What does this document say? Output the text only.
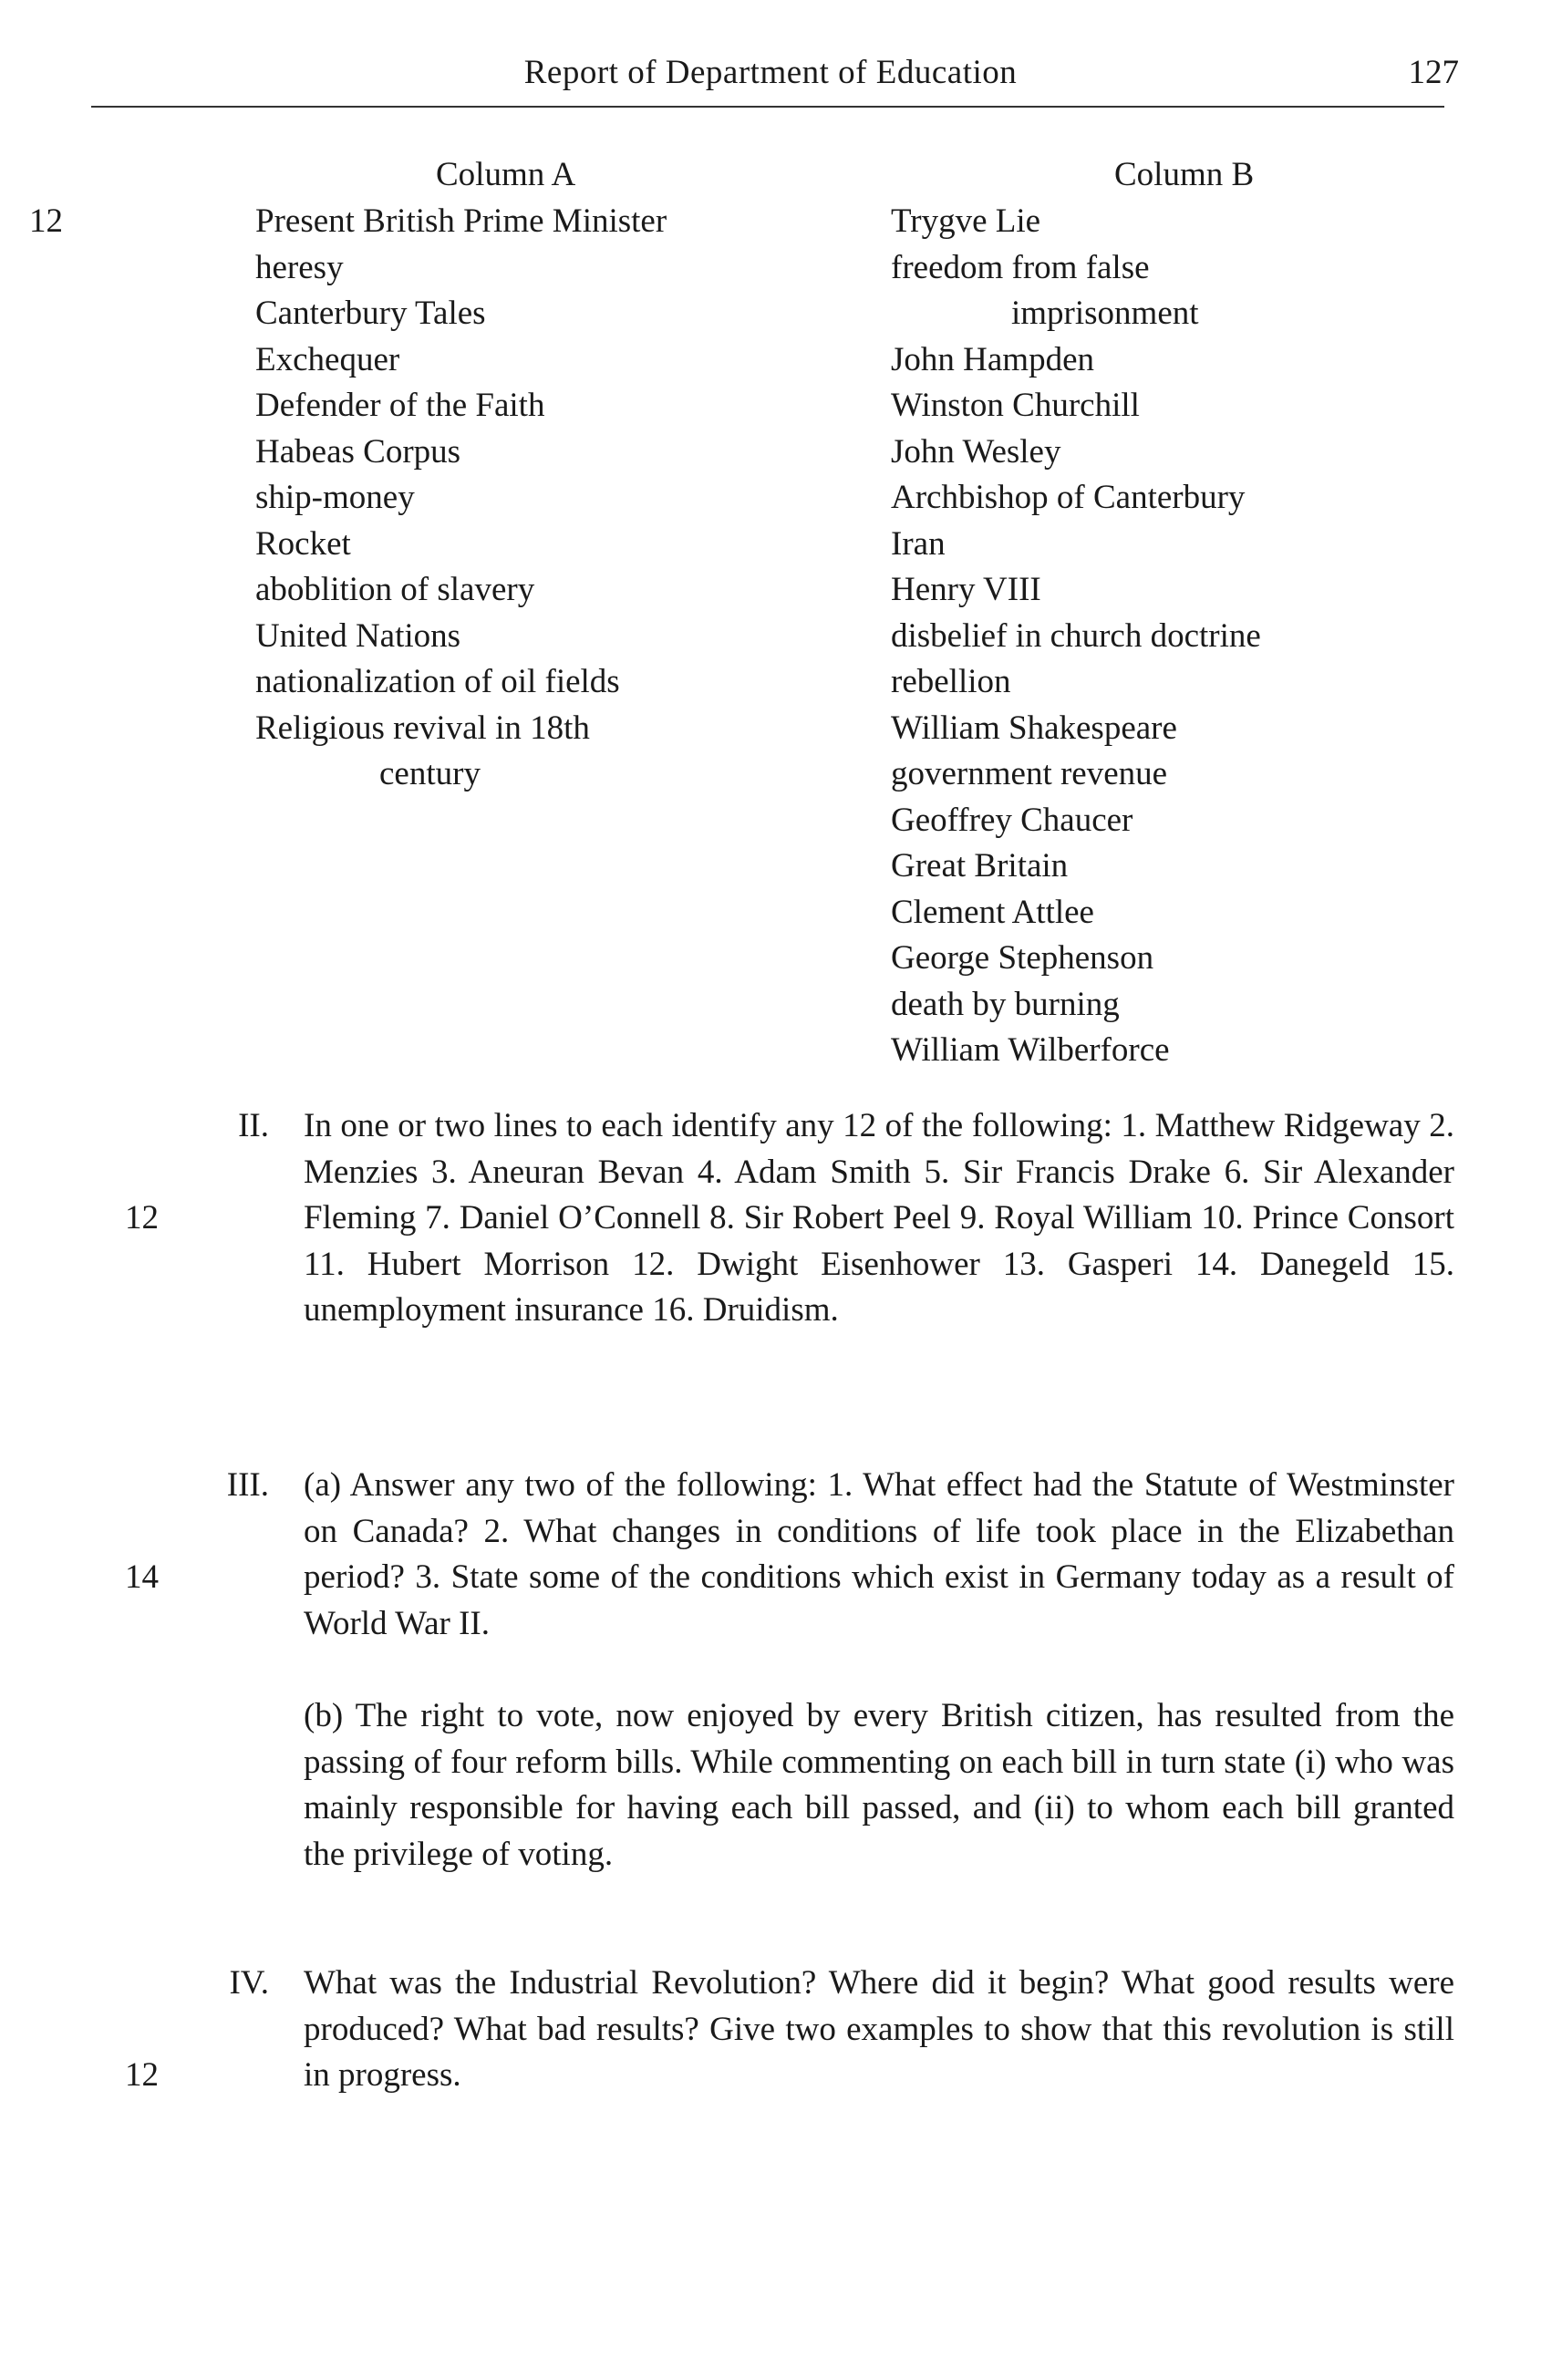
Report of Department of Education	127
12
Column A	Column B
Present British Prime Minister
heresy
Canterbury Tales
Exchequer
Defender of the Faith
Habeas Corpus
ship-money
Rocket
aboblition of slavery
United Nations
nationalization of oil fields
Religious revival in 18th
century
Trygve Lie
freedom from false
imprisonment
John Hampden
Winston Churchill
John Wesley
Archbishop of Canterbury
Iran
Henry VIII
disbelief in church doctrine
rebellion
William Shakespeare
government revenue
Geoffrey Chaucer
Great Britain
Clement Attlee
George Stephenson
death by burning
William Wilberforce
II.
12

In one or two lines to each identify any 12 of the following: 1. Matthew Ridgeway 2. Menzies 3. Aneuran Bevan 4. Adam Smith 5. Sir Francis Drake 6. Sir Alexander Fleming 7. Daniel O’Connell 8. Sir Robert Peel 9. Royal William 10. Prince Consort 11. Hubert Morrison 12. Dwight Eisenhower 13. Gasperi 14. Danegeld 15. unemployment insurance 16. Druidism.

III.
14

(a) Answer any two of the following: 1. What effect had the Statute of Westminster on Canada? 2. What changes in conditions of life took place in the Elizabethan period? 3. State some of the conditions which exist in Germany today as a result of World War II.

(b) The right to vote, now enjoyed by every British citizen, has resulted from the passing of four reform bills. While commenting on each bill in turn state (i) who was mainly responsible for having each bill passed, and (ii) to whom each bill granted the privilege of voting.

IV.
12

What was the Industrial Revolution? Where did it begin? What good results were produced? What bad results? Give two examples to show that this revolution is still in progress.
